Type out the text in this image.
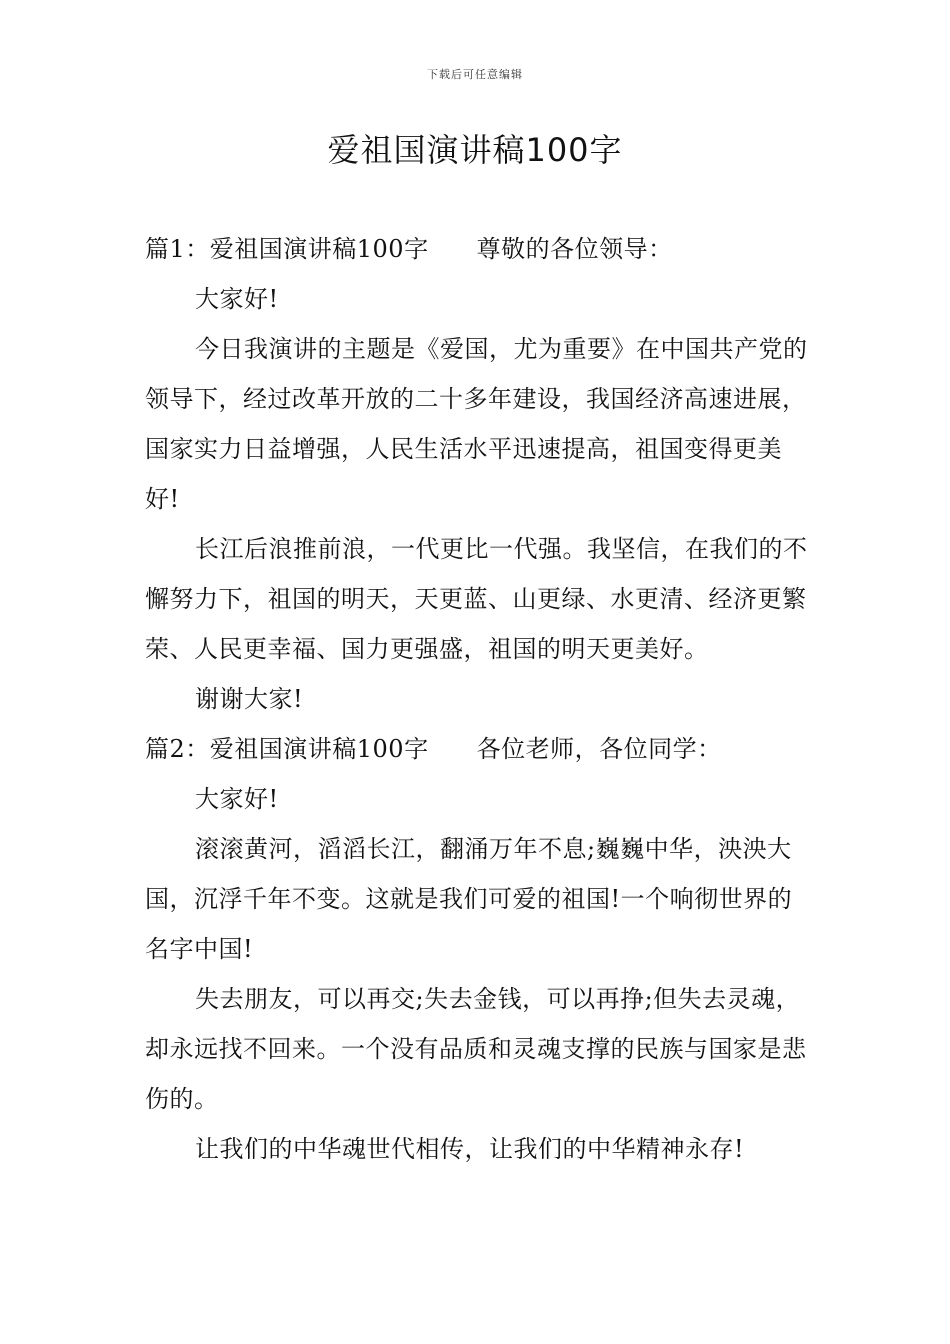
下载后可任意编辑
爱祖国演讲稿100字

篇1：爱祖国演讲稿100字 尊敬的各位领导：

大家好!

今日我演讲的主题是《爱国，尤为重要》在中国共产党的领导下，经过改革开放的二十多年建设，我国经济高速进展，国家实力日益增强，人民生活水平迅速提高，祖国变得更美好!

长江后浪推前浪，一代更比一代强。我坚信，在我们的不懈努力下，祖国的明天，天更蓝、山更绿、水更清、经济更繁荣、人民更幸福、国力更强盛，祖国的明天更美好。

谢谢大家!

篇2：爱祖国演讲稿100字 各位老师，各位同学：

大家好!

滚滚黄河，滔滔长江，翻涌万年不息;巍巍中华，泱泱大国，沉浮千年不变。这就是我们可爱的祖国!一个响彻世界的名字中国!

失去朋友，可以再交;失去金钱，可以再挣;但失去灵魂，却永远找不回来。一个没有品质和灵魂支撑的民族与国家是悲伤的。

让我们的中华魂世代相传，让我们的中华精神永存!
